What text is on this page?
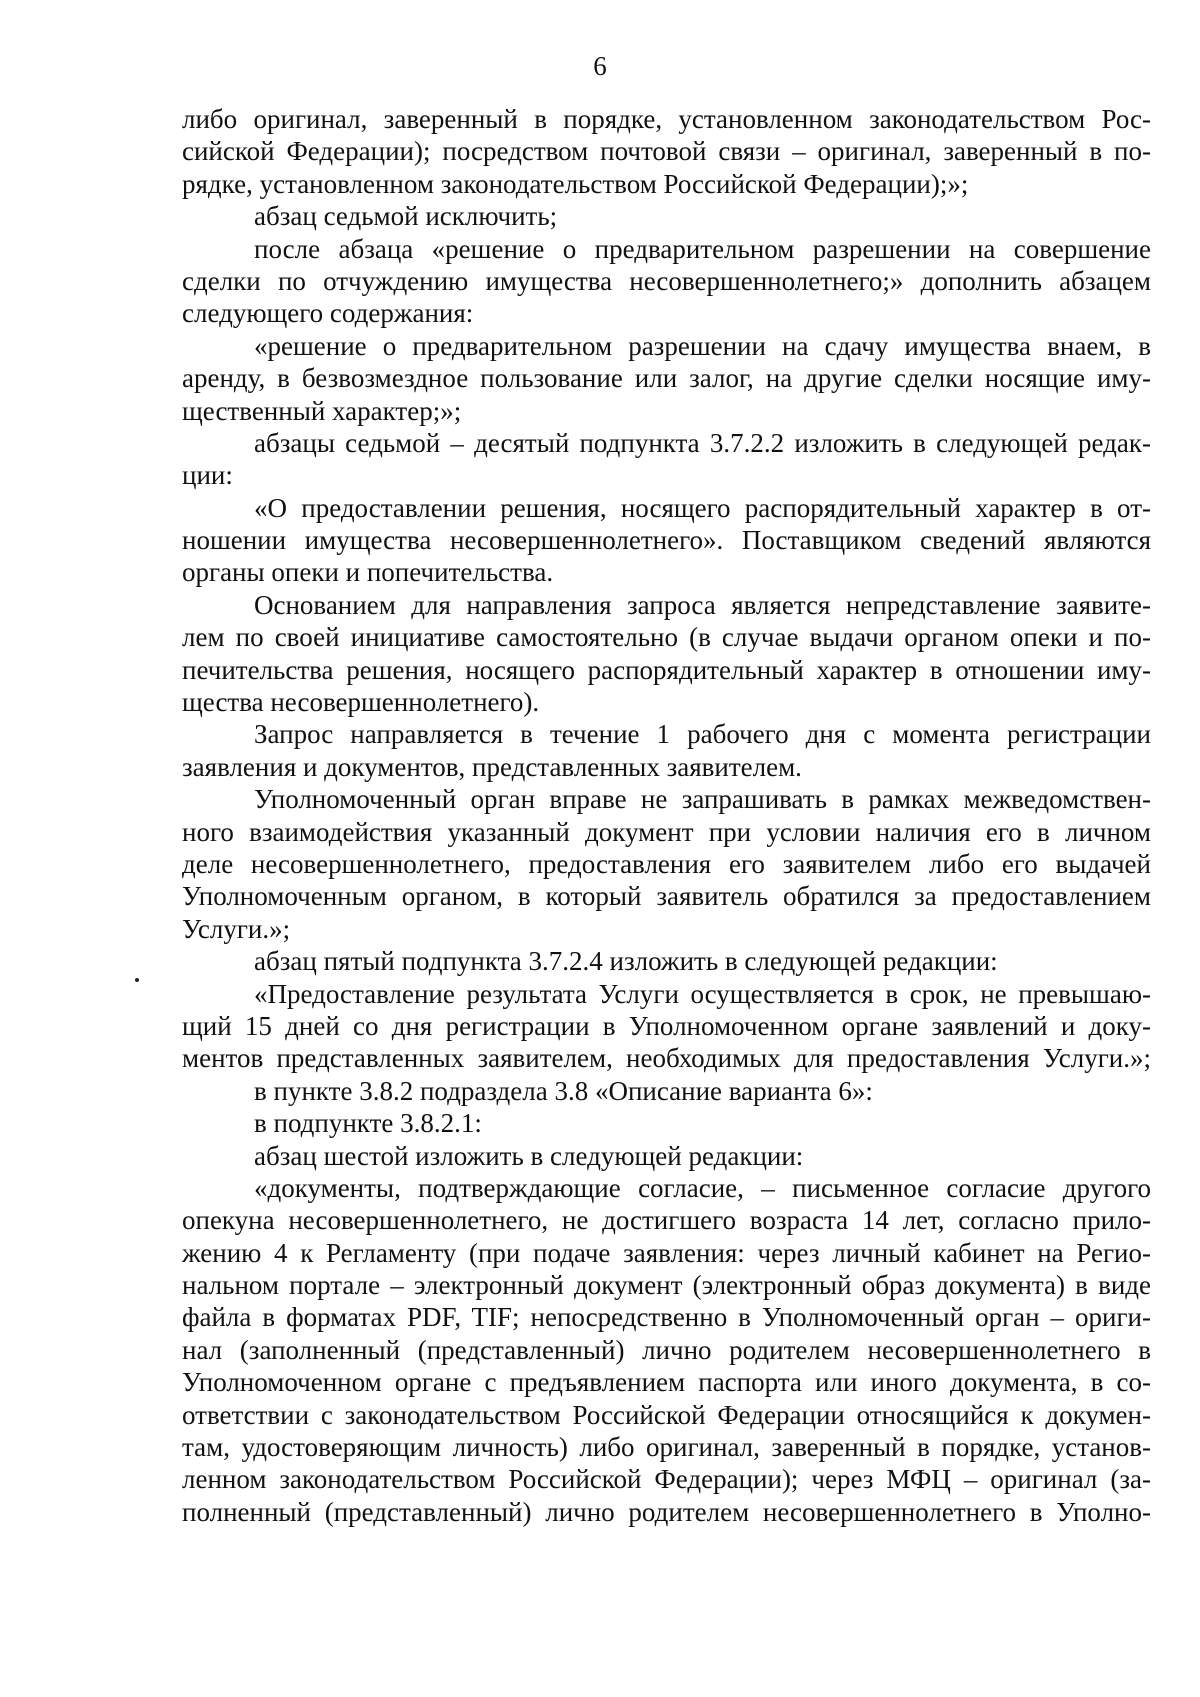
6
либо оригинал, заверенный в порядке, установленном законодательством Рос-
сийской Федерации); посредством почтовой связи – оригинал, заверенный в по-
рядке, установленном законодательством Российской Федерации);»;
абзац седьмой исключить;
после абзаца «решение о предварительном разрешении на совершение
сделки по отчуждению имущества несовершеннолетнего;» дополнить абзацем
следующего содержания:
«решение о предварительном разрешении на сдачу имущества внаем, в
аренду, в безвозмездное пользование или залог, на другие сделки носящие иму-
щественный характер;»;
абзацы седьмой – десятый подпункта 3.7.2.2 изложить в следующей редак-
ции:
«О предоставлении решения, носящего распорядительный характер в от-
ношении имущества несовершеннолетнего». Поставщиком сведений являются
органы опеки и попечительства.
Основанием для направления запроса является непредставление заявите-
лем по своей инициативе самостоятельно (в случае выдачи органом опеки и по-
печительства решения, носящего распорядительный характер в отношении иму-
щества несовершеннолетнего).
Запрос направляется в течение 1 рабочего дня с момента регистрации
заявления и документов, представленных заявителем.
Уполномоченный орган вправе не запрашивать в рамках межведомствен-
ного взаимодействия указанный документ при условии наличия его в личном
деле несовершеннолетнего, предоставления его заявителем либо его выдачей
Уполномоченным органом, в который заявитель обратился за предоставлением
Услуги.»;
абзац пятый подпункта 3.7.2.4 изложить в следующей редакции:
«Предоставление результата Услуги осуществляется в срок, не превышаю-
щий 15 дней со дня регистрации в Уполномоченном органе заявлений и доку-
ментов представленных заявителем, необходимых для предоставления Услуги.»;
в пункте 3.8.2 подраздела 3.8 «Описание варианта 6»:
в подпункте 3.8.2.1:
абзац шестой изложить в следующей редакции:
«документы, подтверждающие согласие, – письменное согласие другого
опекуна несовершеннолетнего, не достигшего возраста 14 лет, согласно прило-
жению 4 к Регламенту (при подаче заявления: через личный кабинет на Регио-
нальном портале – электронный документ (электронный образ документа) в виде
файла в форматах PDF, TIF; непосредственно в Уполномоченный орган – ориги-
нал (заполненный (представленный) лично родителем несовершеннолетнего в
Уполномоченном органе с предъявлением паспорта или иного документа, в со-
ответствии с законодательством Российской Федерации относящийся к докумен-
там, удостоверяющим личность) либо оригинал, заверенный в порядке, установ-
ленном законодательством Российской Федерации); через МФЦ – оригинал (за-
полненный (представленный) лично родителем несовершеннолетнего в Уполно-
